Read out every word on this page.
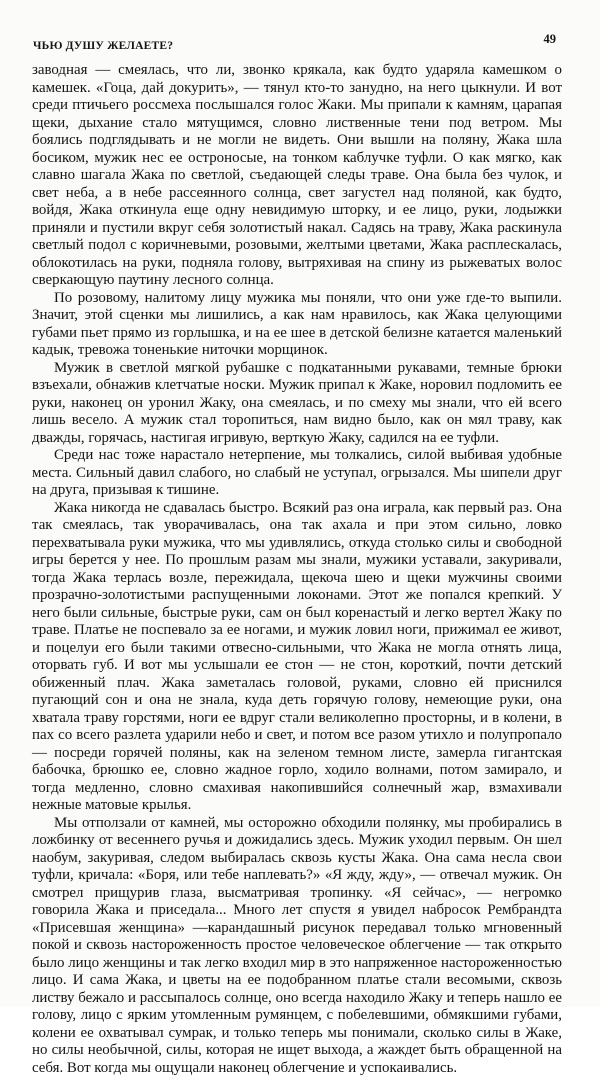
ЧЬЮ ДУШУ ЖЕЛАЕТЕ?	49

заводная — смеялась, что ли, звонко крякала, как будто ударяла камешком о камешек. «Гоца, дай докурить», — тянул кто-то занудно, на него цыкнули. И вот среди птичьего россмеха послышался голос Жаки. Мы припали к камням, царапая щеки, дыхание стало мятущимся, словно лиственные тени под ветром. Мы боялись подглядывать и не могли не видеть. Они вышли на поляну, Жака шла босиком, мужик нес ее остроносые, на тонком каблучке туфли. О как мягко, как славно шагала Жака по светлой, съедающей следы траве. Она была без чулок, и свет неба, а в небе рассеянного солнца, свет загустел над поляной, как будто, войдя, Жака откинула еще одну невидимую шторку, и ее лицо, руки, лодыжки приняли и пустили вкруг себя золотистый накал. Садясь на траву, Жака раскинула светлый подол с коричневыми, розовыми, желтыми цветами, Жака расплескалась, облокотилась на руки, подняла голову, вытряхивая на спину из рыжеватых волос сверкающую паутину лесного солнца.

По розовому, налитому лицу мужика мы поняли, что они уже где-то выпили. Значит, этой сценки мы лишились, а как нам нравилось, как Жака целующими губами пьет прямо из горлышка, и на ее шее в детской белизне катается маленький кадык, тревожа тоненькие ниточки морщинок.

Мужик в светлой мягкой рубашке с подкатанными рукавами, темные брюки взъехали, обнажив клетчатые носки. Мужик припал к Жаке, норовил подломить ее руки, наконец он уронил Жаку, она смеялась, и по смеху мы знали, что ей всего лишь весело. А мужик стал торопиться, нам видно было, как он мял траву, как дважды, горячась, настигая игривую, верткую Жаку, садился на ее туфли.

Среди нас тоже нарастало нетерпение, мы толкались, силой выбивая удобные места. Сильный давил слабого, но слабый не уступал, огрызался. Мы шипели друг на друга, призывая к тишине.

Жака никогда не сдавалась быстро. Всякий раз она играла, как первый раз. Она так смеялась, так уворачивалась, она так ахала и при этом сильно, ловко перехватывала руки мужика, что мы удивлялись, откуда столько силы и свободной игры берется у нее. По прошлым разам мы знали, мужики уставали, закуривали, тогда Жака терлась возле, пережидала, щекоча шею и щеки мужчины своими прозрачно-золотистыми распущенными локонами. Этот же попался крепкий. У него были сильные, быстрые руки, сам он был коренастый и легко вертел Жаку по траве. Платье не поспевало за ее ногами, и мужик ловил ноги, прижимал ее живот, и поцелуи его были такими отвесно-сильными, что Жака не могла отнять лица, оторвать губ. И вот мы услышали ее стон — не стон, короткий, почти детский обиженный плач. Жака заметалась головой, руками, словно ей приснился пугающий сон и она не знала, куда деть горячую голову, немеющие руки, она хватала траву горстями, ноги ее вдруг стали великолепно просторны, и в колени, в пах со всего разлета ударили небо и свет, и потом все разом утихло и полупропало — посреди горячей поляны, как на зеленом темном листе, замерла гигантская бабочка, брюшко ее, словно жадное горло, ходило волнами, потом замирало, и тогда медленно, словно смахивая накопившийся солнечный жар, взмахивали нежные матовые крылья.

Мы отползали от камней, мы осторожно обходили полянку, мы пробирались в ложбинку от весеннего ручья и дожидались здесь. Мужик уходил первым. Он шел наобум, закуривая, следом выбиралась сквозь кусты Жака. Она сама несла свои туфли, кричала: «Боря, или тебе наплевать?» «Я жду, жду», — отвечал мужик. Он смотрел прищурив глаза, высматривая тропинку. «Я сейчас», — негромко говорила Жака и приседала... Много лет спустя я увидел набросок Рембрандта «Присевшая женщина» —карандашный рисунок передавал только мгновенный покой и сквозь настороженность простое человеческое облегчение — так открыто было лицо женщины и так легко входил мир в это напряженное настороженностью лицо. И сама Жака, и цветы на ее подобранном платье стали весомыми, сквозь листву бежало и рассыпалось солнце, оно всегда находило Жаку и теперь нашло ее голову, лицо с ярким утомленным румянцем, с побелевшими, обмякшими губами, колени ее охватывал сумрак, и только теперь мы понимали, сколько силы в Жаке, но силы необычной, силы, которая не ищет выхода, а жаждет быть обращенной на себя. Вот когда мы ощущали наконец облегчение и успокаивались.
